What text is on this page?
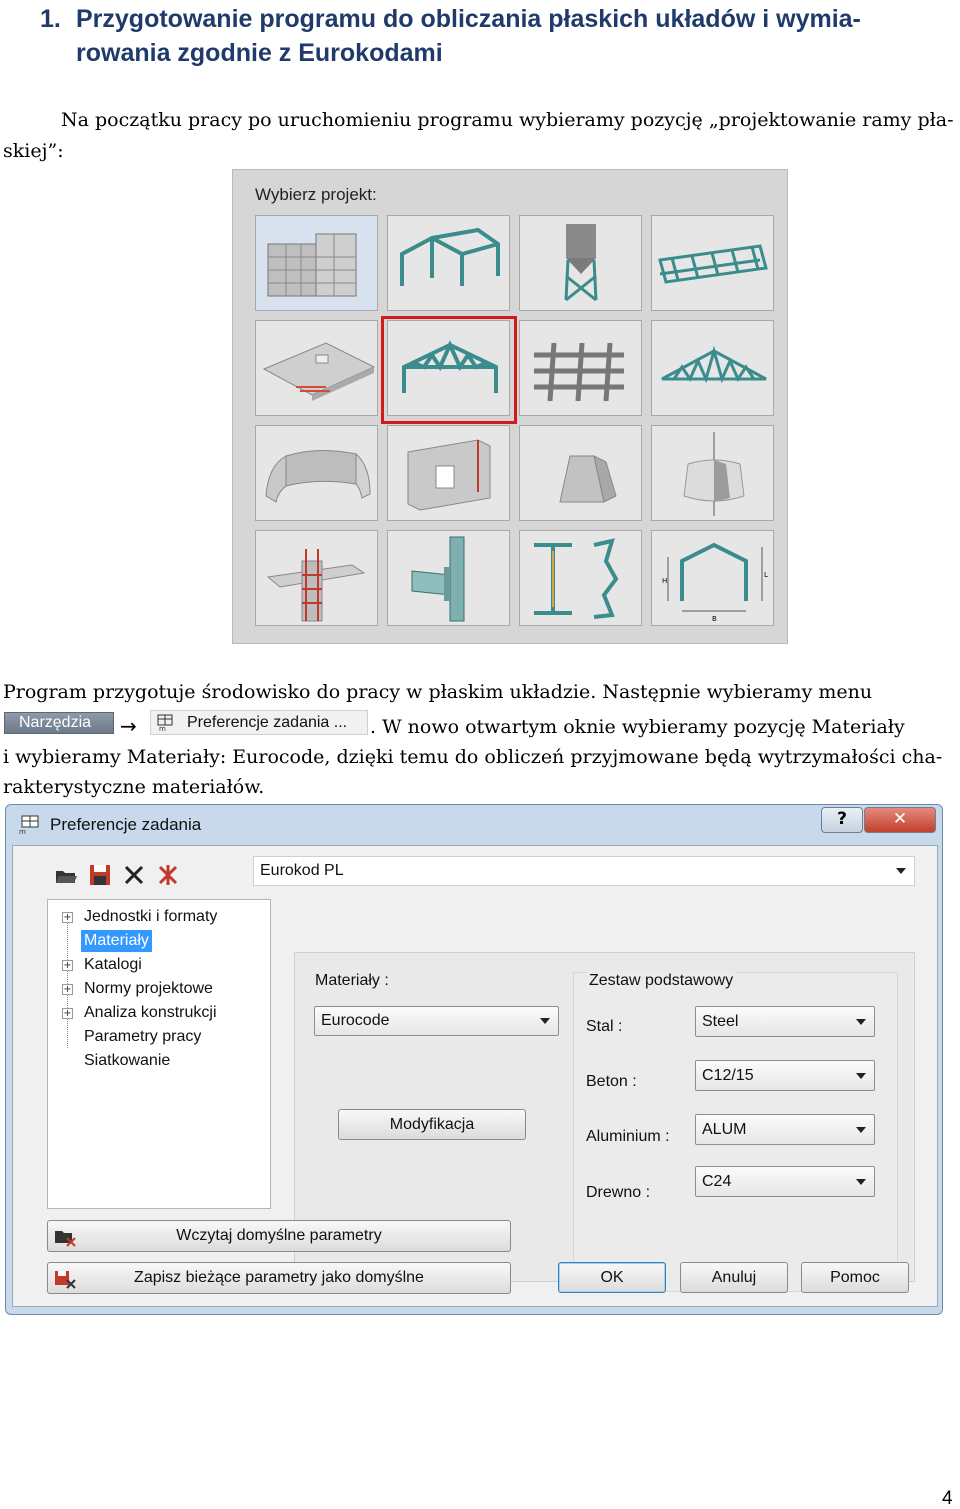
1. Przygotowanie programu do obliczania płaskich układów i wymia-
rowania zgodnie z Eurokodami
Na początku pracy po uruchomieniu programu wybieramy pozycję „projektowanie ramy pła-
skiej”:
Wybierz projekt:
H
L
B
Program przygotuje środowisko do pracy w płaskim układzie. Następnie wybieramy menu
Narzędzia	→	m Preferencje zadania ...	. W nowo otwartym oknie wybieramy pozycję Materiały
i wybieramy Materiały: Eurocode, dzięki temu do obliczeń przyjmowane będą wytrzymałości cha-
rakterystyczne materiałów.
m Preferencje zadania	?	✕
Eurokod PL
+ Jednostki i formaty
Materiały
+ Katalogi
+ Normy projektowe
+ Analiza konstrukcji
Parametry pracy
Siatkowanie
Materiały :
Eurocode
Modyfikacja
Zestaw podstawowy
Stal :	Steel
Beton :	C12/15
Aluminium :	ALUM
Drewno :
C24
Wczytaj domyślne parametry
Zapisz bieżące parametry jako domyślne	OK	Anuluj	Pomoc
4
